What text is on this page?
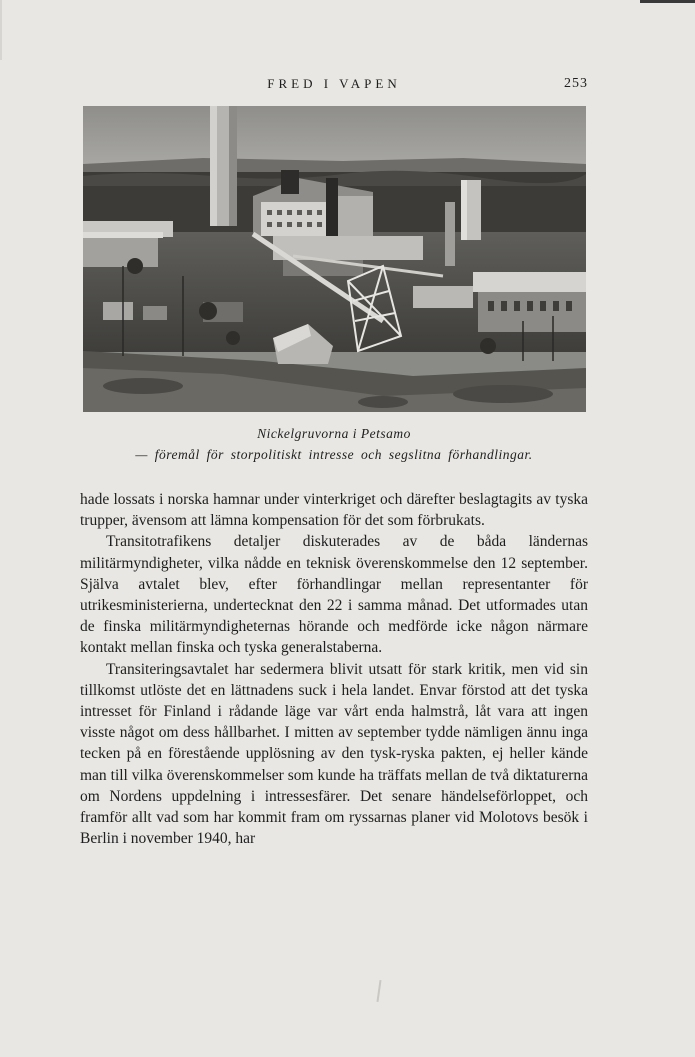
FRED I VAPEN	253
Nickelgruvorna i Petsamo
— föremål för storpolitiskt intresse och segslitna förhandlingar.

hade lossats i norska hamnar under vinterkriget och därefter beslagtagits av tyska trupper, ävensom att lämna kompensation för det som förbrukats.

Transitotrafikens detaljer diskuterades av de båda ländernas militärmyndigheter, vilka nådde en teknisk överenskommelse den 12 september. Själva avtalet blev, efter förhandlingar mellan representanter för utrikesministerierna, undertecknat den 22 i samma månad. Det utformades utan de finska militärmyndigheternas hörande och medförde icke någon närmare kontakt mellan finska och tyska generalstaberna.

Transiteringsavtalet har sedermera blivit utsatt för stark kritik, men vid sin tillkomst utlöste det en lättnadens suck i hela landet. Envar förstod att det tyska intresset för Finland i rådande läge var vårt enda halmstrå, låt vara att ingen visste något om dess hållbarhet. I mitten av september tydde nämligen ännu inga tecken på en förestående upplösning av den tysk-ryska pakten, ej heller kände man till vilka överenskommelser som kunde ha träffats mellan de två diktaturerna om Nordens uppdelning i intressesfärer. Det senare händelseförloppet, och framför allt vad som har kommit fram om ryssarnas planer vid Molotovs besök i Berlin i november 1940, har
